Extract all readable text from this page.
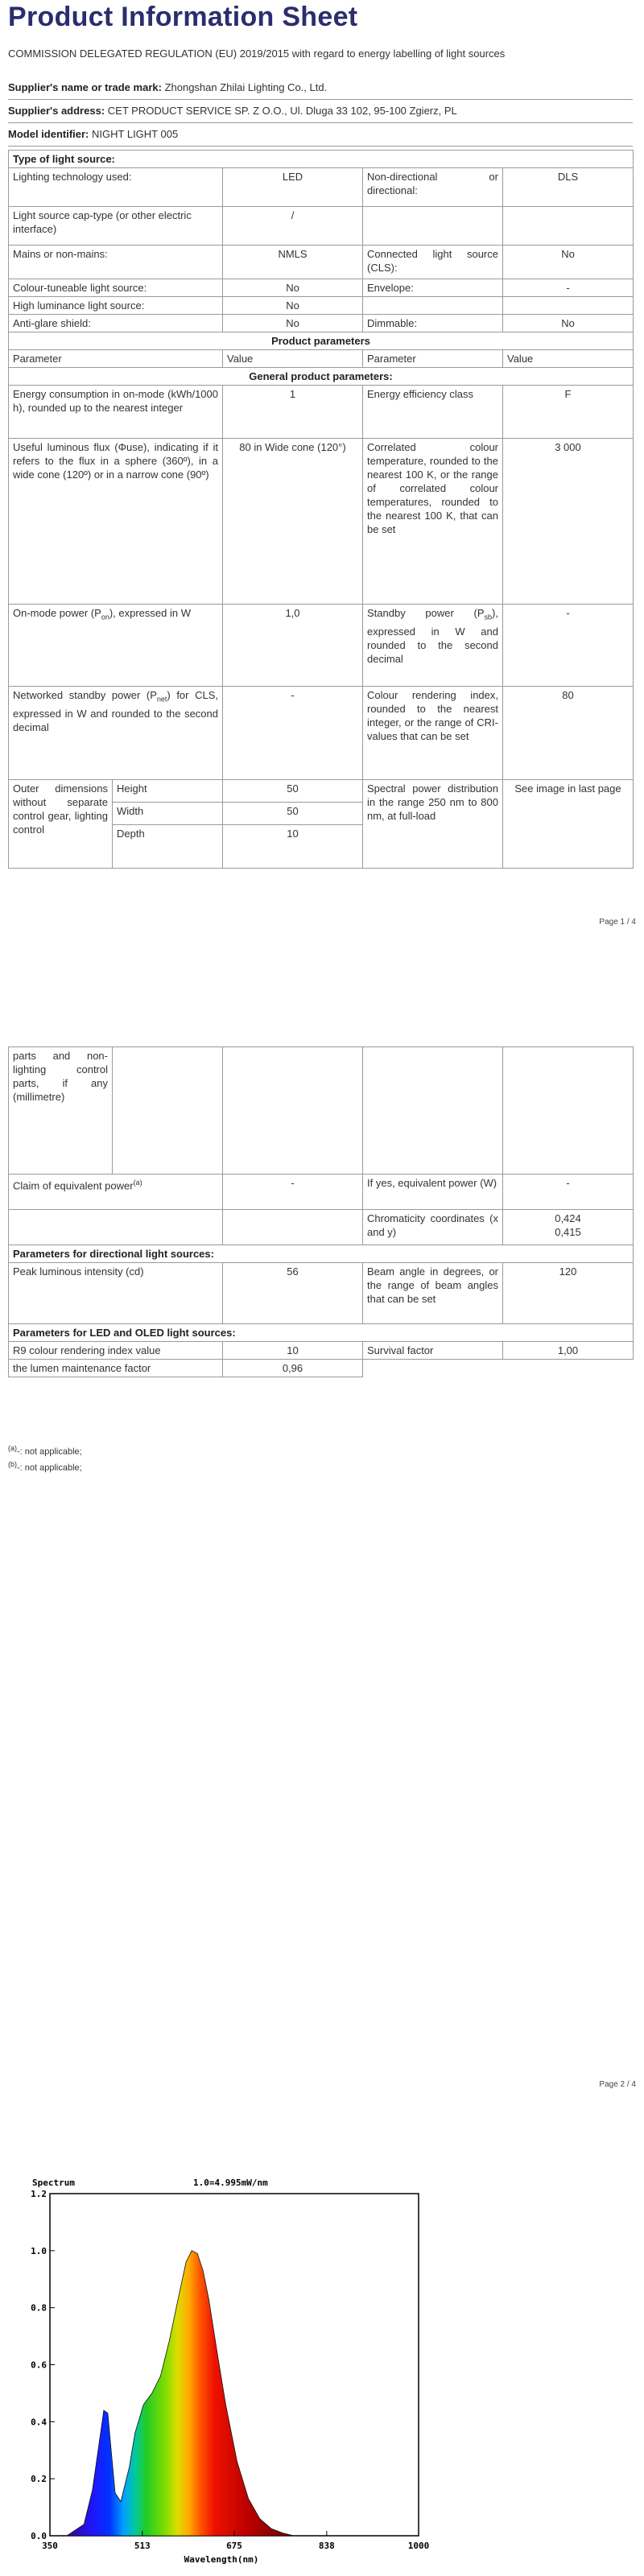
Product Information Sheet
COMMISSION DELEGATED REGULATION (EU) 2019/2015 with regard to energy labelling of light sources
Supplier's name or trade mark: Zhongshan Zhilai Lighting Co., Ltd.
Supplier's address: CET PRODUCT SERVICE SP. Z O.O., Ul. Dluga 33 102, 95-100 Zgierz, PL
Model identifier: NIGHT LIGHT 005
Type of light source:				
Lighting technology used:		LED	Non-directional or directional:	DLS
Light source cap-type (or other electric interface)		/		
Mains or non-mains:		NMLS	Connected light source (CLS):	No
Colour-tuneable light source:		No	Envelope:	-
High luminance light source:		No		
Anti-glare shield:		No	Dimmable:	No
Product parameters				
Parameter		Value	Parameter	Value
General product parameters:				
Energy consumption in on-mode (kWh/1000 h), rounded up to the nearest integer		1	Energy efficiency class	F
Useful luminous flux (Φuse), indicating if it refers to the flux in a sphere (360º), in a wide cone (120º) or in a narrow cone (90º)		80 in Wide cone (120°)	Correlated colour temperature, rounded to the nearest 100 K, or the range of correlated colour temperatures, rounded to the nearest 100 K, that can be set	3 000
On-mode power $(P_{on})$, expressed in W		1,0	Standby power $(P_{sb})$, expressed in W and rounded to the second decimal	-
Networked standby power $(P_{net})$ for CLS, expressed in W and rounded to the second decimal		-	Colour rendering index, rounded to the nearest integer, or the range of CRI-values that can be set	80
Outer dimensions without separate control gear, lighting control	Height	50	Spectral power distribution in the range 250 nm to 800 nm, at full-load	See image in last page
	Width	50		
	Depth	10		
Page 1 / 4
parts and non-lighting control parts, if any (millimetre)				
Claim of equivalent power$^{(a)}$		-	If yes, equivalent power (W)	-
			Chromaticity coordinates (x and y)	0,424
0,415

Parameters for directional light sources:				
Peak luminous intensity (cd)		56	Beam angle in degrees, or the range of beam angles that can be set	120
Parameters for LED and OLED light sources:				
R9 colour rendering index value		10	Survival factor	1,00
the lumen maintenance factor		0,96		
$^{(a)}$-: not applicable;
$^{(b)}$-: not applicable;
Page 2 / 4
0.0
0.2
0.4
0.6
0.8
1.0
1.2
350	513	675	838	1000
Spectrum	1.0=4.995mW/nm
Wavelength(nm)
